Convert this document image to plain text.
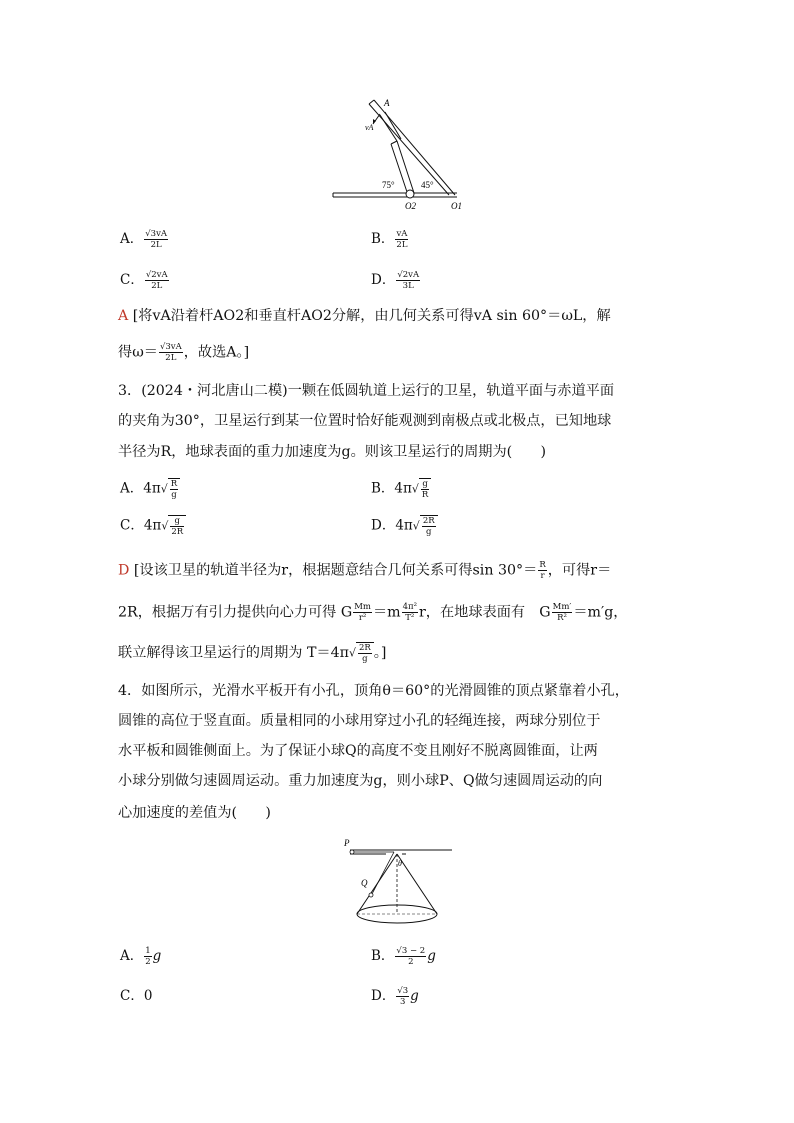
A
vA
75°	45°
O2	O1
A． $\frac{√3vA}{2L}$	B． $\frac{vA}{2L}$
C． $\frac{√2vA}{2L}$	D． $\frac{√2vA}{3L}$
A [将vA沿着杆AO2和垂直杆AO2分解，由几何关系可得vA sin 60°＝ωL，解
得$\omega= \frac{√3vA}{2L}$ ，故选A。]
3．(2024・河北唐山二模)一颗在低圆轨道上运行的卫星，轨道平面与赤道平面
的夹角为30°，卫星运行到某一位置时恰好能观测到南极点或北极点，已知地球
半径为R，地球表面的重力加速度为g。则该卫星运行的周期为(　　)
A．$4\pi√ \frac{R}{g}$	B．$4\pi√ \frac{g}{R}$
C．$4\pi√ \frac{g}{2R}$	D．$4\pi√ \frac{2R}{g}$
D [设该卫星的轨道半径为r，根据题意结合几何关系可得$\sin 30^\circ= \frac{R}{r}$ ，可得r＝
2R，根据万有引力提供向心力可得 G $\frac{Mm}{\text{r²}} =m \frac{\text{4π²}}{\text{T²}}$ r，在地球表面有　G $\frac{Mm'}{\text{R²}} =m'g$，
联立解得该卫星运行的周期为 $T=4\pi√ \frac{2R}{g}$ 。]
4．如图所示，光滑水平板开有小孔，顶角θ＝60°的光滑圆锥的顶点紧靠着小孔，
圆锥的高位于竖直面。质量相同的小球用穿过小孔的轻绳连接，两球分别位于
水平板和圆锥侧面上。为了保证小球Q的高度不变且刚好不脱离圆锥面，让两
小球分别做匀速圆周运动。重力加速度为g，则小球P、Q做匀速圆周运动的向
心加速度的差值为(　　)
P
Q
θ
A． $\frac{1}{2}$ g	B． $\frac{√3 - 2}{2}$ g
C．0	D． $\frac{√3}{3}$ g
